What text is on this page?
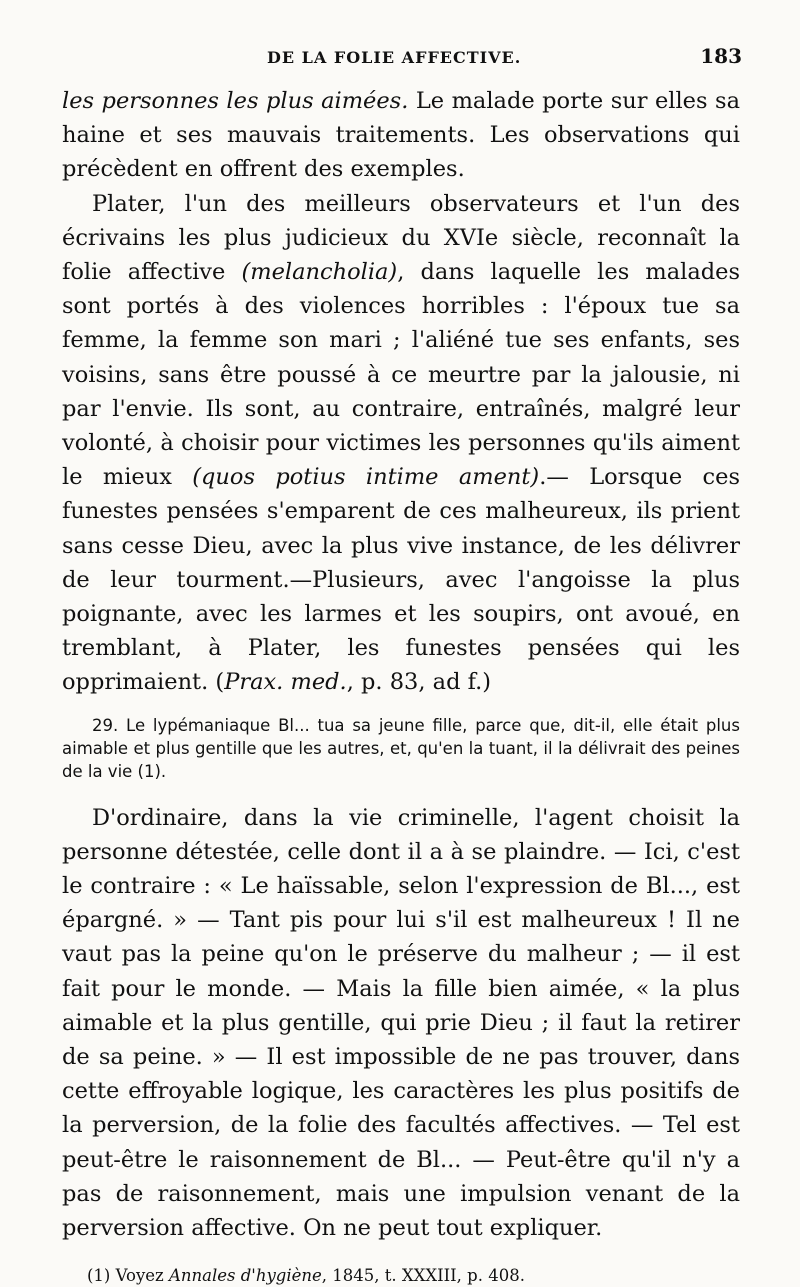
DE LA FOLIE AFFECTIVE.	183

les personnes les plus aimées. Le malade porte sur elles sa haine et ses mauvais traitements. Les observations qui précèdent en offrent des exemples.

Plater, l'un des meilleurs observateurs et l'un des écrivains les plus judicieux du XVIe siècle, reconnaît la folie affective (melancholia), dans laquelle les malades sont portés à des violences horribles : l'époux tue sa femme, la femme son mari ; l'aliéné tue ses enfants, ses voisins, sans être poussé à ce meurtre par la jalousie, ni par l'envie. Ils sont, au contraire, entraînés, malgré leur volonté, à choisir pour victimes les personnes qu'ils aiment le mieux (quos potius intime ament).— Lorsque ces funestes pensées s'emparent de ces malheureux, ils prient sans cesse Dieu, avec la plus vive instance, de les délivrer de leur tourment.—Plusieurs, avec l'angoisse la plus poignante, avec les larmes et les soupirs, ont avoué, en tremblant, à Plater, les funestes pensées qui les opprimaient. (Prax. med., p. 83, ad f.)

29. Le lypémaniaque Bl... tua sa jeune fille, parce que, dit-il, elle était plus aimable et plus gentille que les autres, et, qu'en la tuant, il la délivrait des peines de la vie (1).

D'ordinaire, dans la vie criminelle, l'agent choisit la personne détestée, celle dont il a à se plaindre. — Ici, c'est le contraire : « Le haïssable, selon l'expression de Bl..., est épargné. » — Tant pis pour lui s'il est malheureux ! Il ne vaut pas la peine qu'on le préserve du malheur ; — il est fait pour le monde. — Mais la fille bien aimée, « la plus aimable et la plus gentille, qui prie Dieu ; il faut la retirer de sa peine. » — Il est impossible de ne pas trouver, dans cette effroyable logique, les caractères les plus positifs de la perversion, de la folie des facultés affectives. — Tel est peut-être le raisonnement de Bl... — Peut-être qu'il n'y a pas de raisonnement, mais une impulsion venant de la perversion affective. On ne peut tout expliquer.

(1) Voyez Annales d'hygiène, 1845, t. XXXIII, p. 408.
